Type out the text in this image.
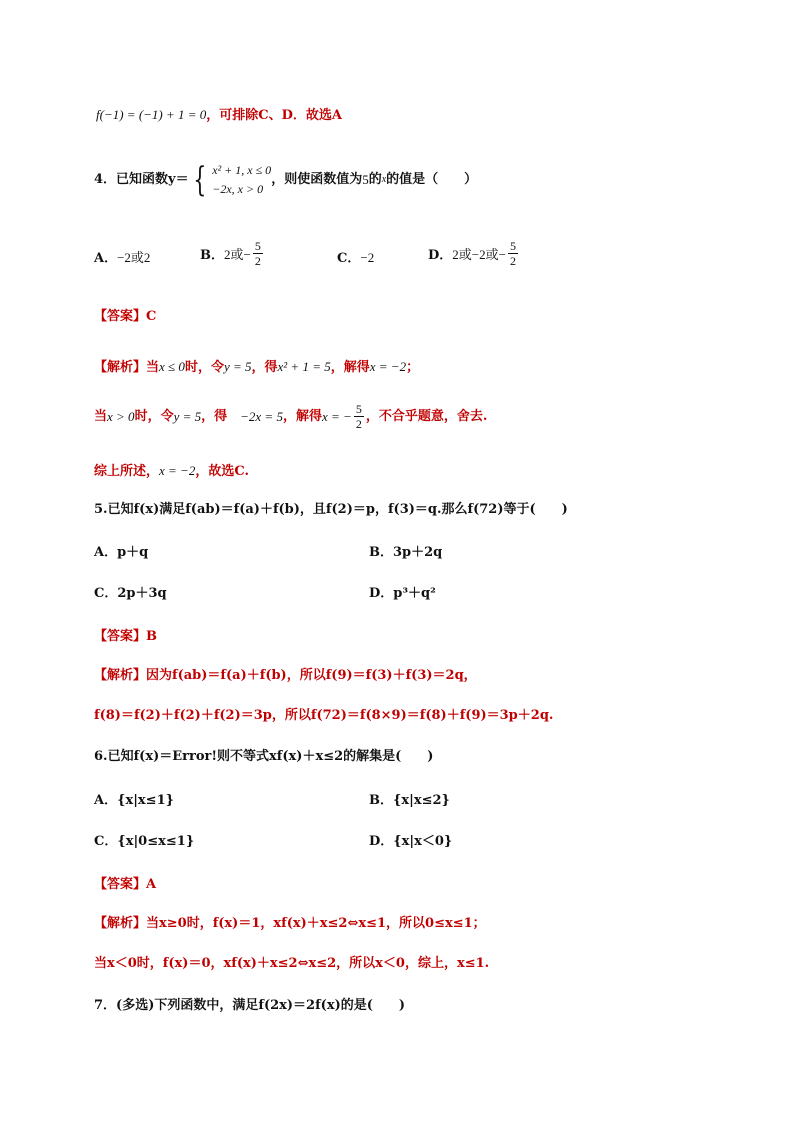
f(−1) = (−1) + 1 = 0，可排除C、D．故选A
4．已知函数y＝ { x² + 1, x ≤ 0
−2x, x > 0
，则使函数值为 5 的 x 的值是（　　）
A．−2或2	B． 2或− $\frac{5}{2}$	C．−2	D． 2或−2或− $\frac{5}{2}$
【答案】C
【解析】当x ≤ 0时，令y = 5，得x² + 1 = 5，解得x = −2；
当 x > 0 时，令 y = 5 ，得　 −2x = 5 ，解得 x = − $\frac{5}{2}$ ，不合乎题意，舍去.
综上所述，x = −2，故选C.
5.已知f(x)满足f(ab)＝f(a)＋f(b)，且f(2)＝p，f(3)＝q.那么f(72)等于(　　)
A．p＋q	B．3p＋2q
C．2p＋3q	D．p³＋q²
【答案】B
【解析】因为f(ab)＝f(a)＋f(b)，所以f(9)＝f(3)＋f(3)＝2q，
f(8)＝f(2)＋f(2)＋f(2)＝3p，所以f(72)＝f(8×9)＝f(8)＋f(9)＝3p＋2q.
6.已知f(x)＝Error!则不等式xf(x)＋x≤2的解集是(　　)
A．{x|x≤1}	B．{x|x≤2}
C．{x|0≤x≤1}	D．{x|x＜0}
【答案】A
【解析】当x≥0时，f(x)＝1，xf(x)＋x≤2⇔x≤1，所以0≤x≤1；
当x＜0时，f(x)＝0，xf(x)＋x≤2⇔x≤2，所以x＜0，综上，x≤1.
7．(多选)下列函数中，满足f(2x)＝2f(x)的是(　　)
